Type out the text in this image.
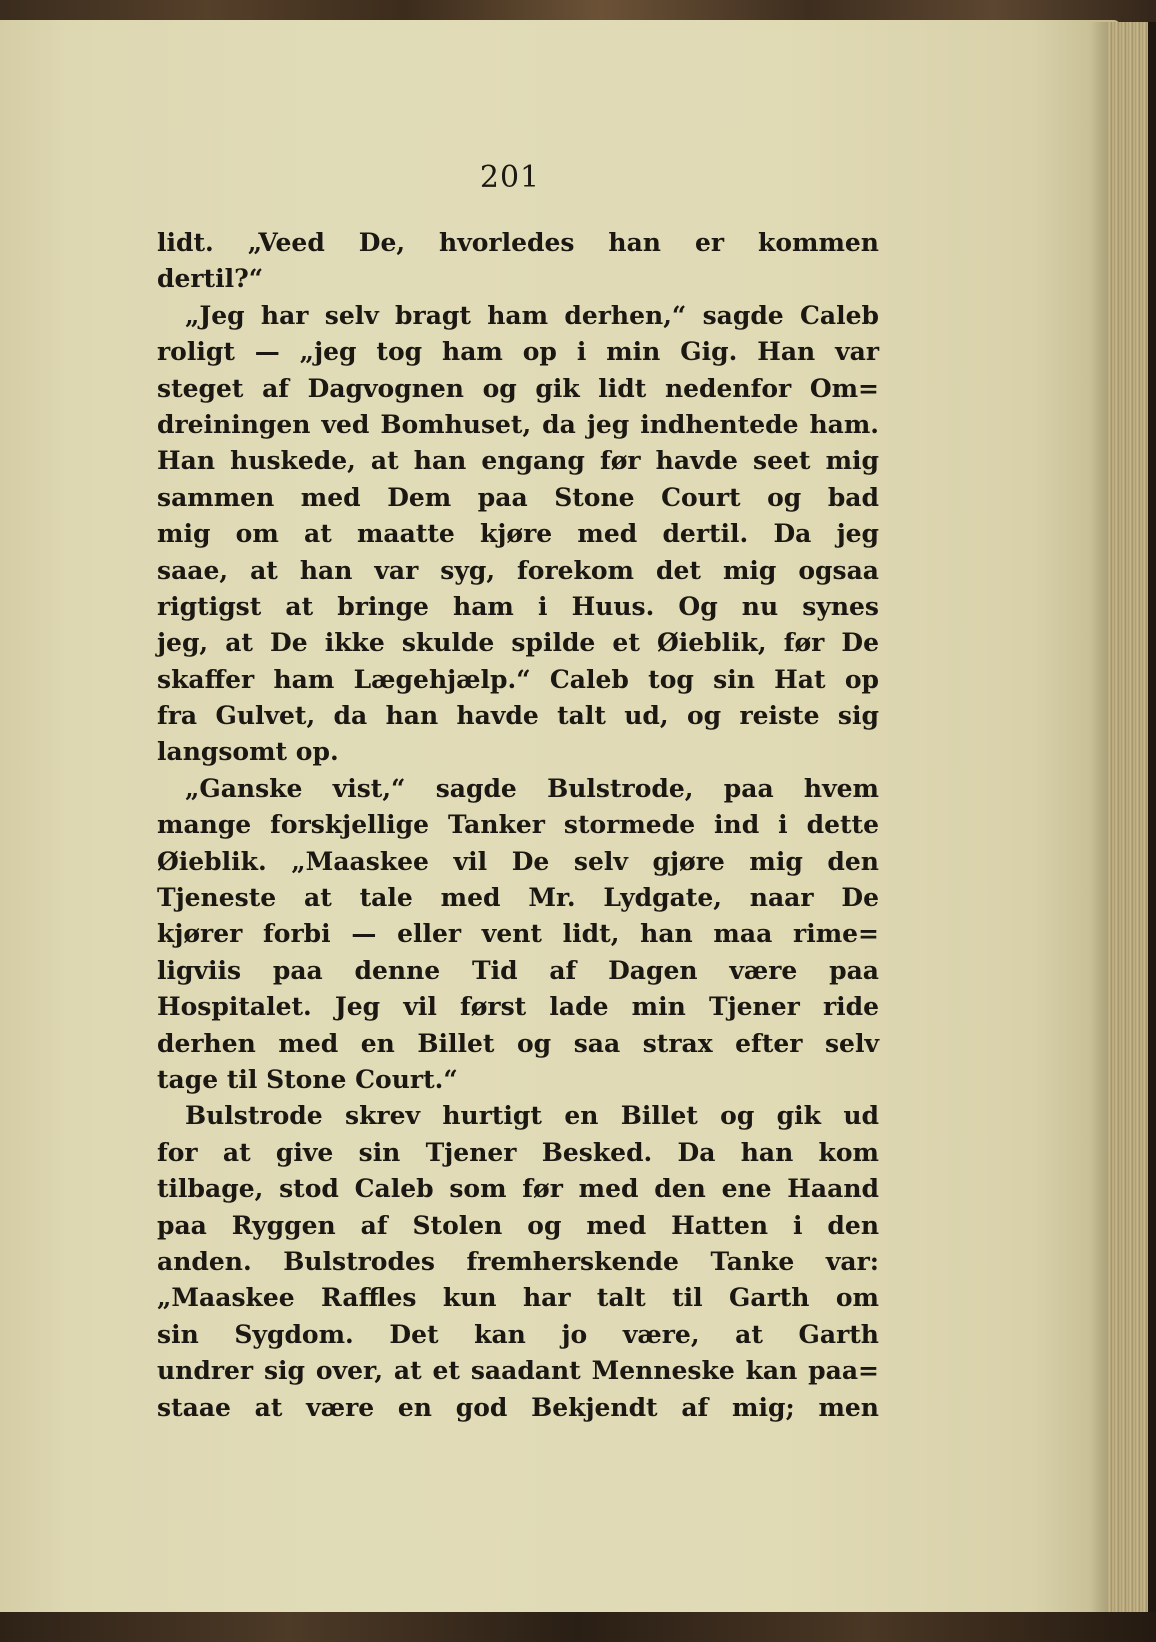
201
lidt. „Veed De, hvorledes han er kommen
dertil?“
„Jeg har selv bragt ham derhen,“ sagde Caleb
roligt — „jeg tog ham op i min Gig. Han var
steget af Dagvognen og gik lidt nedenfor Om=
dreiningen ved Bomhuset, da jeg indhentede ham.
Han huskede, at han engang før havde seet mig
sammen med Dem paa Stone Court og bad
mig om at maatte kjøre med dertil. Da jeg
saae, at han var syg, forekom det mig ogsaa
rigtigst at bringe ham i Huus. Og nu synes
jeg, at De ikke skulde spilde et Øieblik, før De
skaffer ham Lægehjælp.“ Caleb tog sin Hat op
fra Gulvet, da han havde talt ud, og reiste sig
langsomt op.
„Ganske vist,“ sagde Bulstrode, paa hvem
mange forskjellige Tanker stormede ind i dette
Øieblik. „Maaskee vil De selv gjøre mig den
Tjeneste at tale med Mr. Lydgate, naar De
kjører forbi — eller vent lidt, han maa rime=
ligviis paa denne Tid af Dagen være paa
Hospitalet. Jeg vil først lade min Tjener ride
derhen med en Billet og saa strax efter selv
tage til Stone Court.“
Bulstrode skrev hurtigt en Billet og gik ud
for at give sin Tjener Besked. Da han kom
tilbage, stod Caleb som før med den ene Haand
paa Ryggen af Stolen og med Hatten i den
anden. Bulstrodes fremherskende Tanke var:
„Maaskee Raffles kun har talt til Garth om
sin Sygdom. Det kan jo være, at Garth
undrer sig over, at et saadant Menneske kan paa=
staae at være en god Bekjendt af mig; men
